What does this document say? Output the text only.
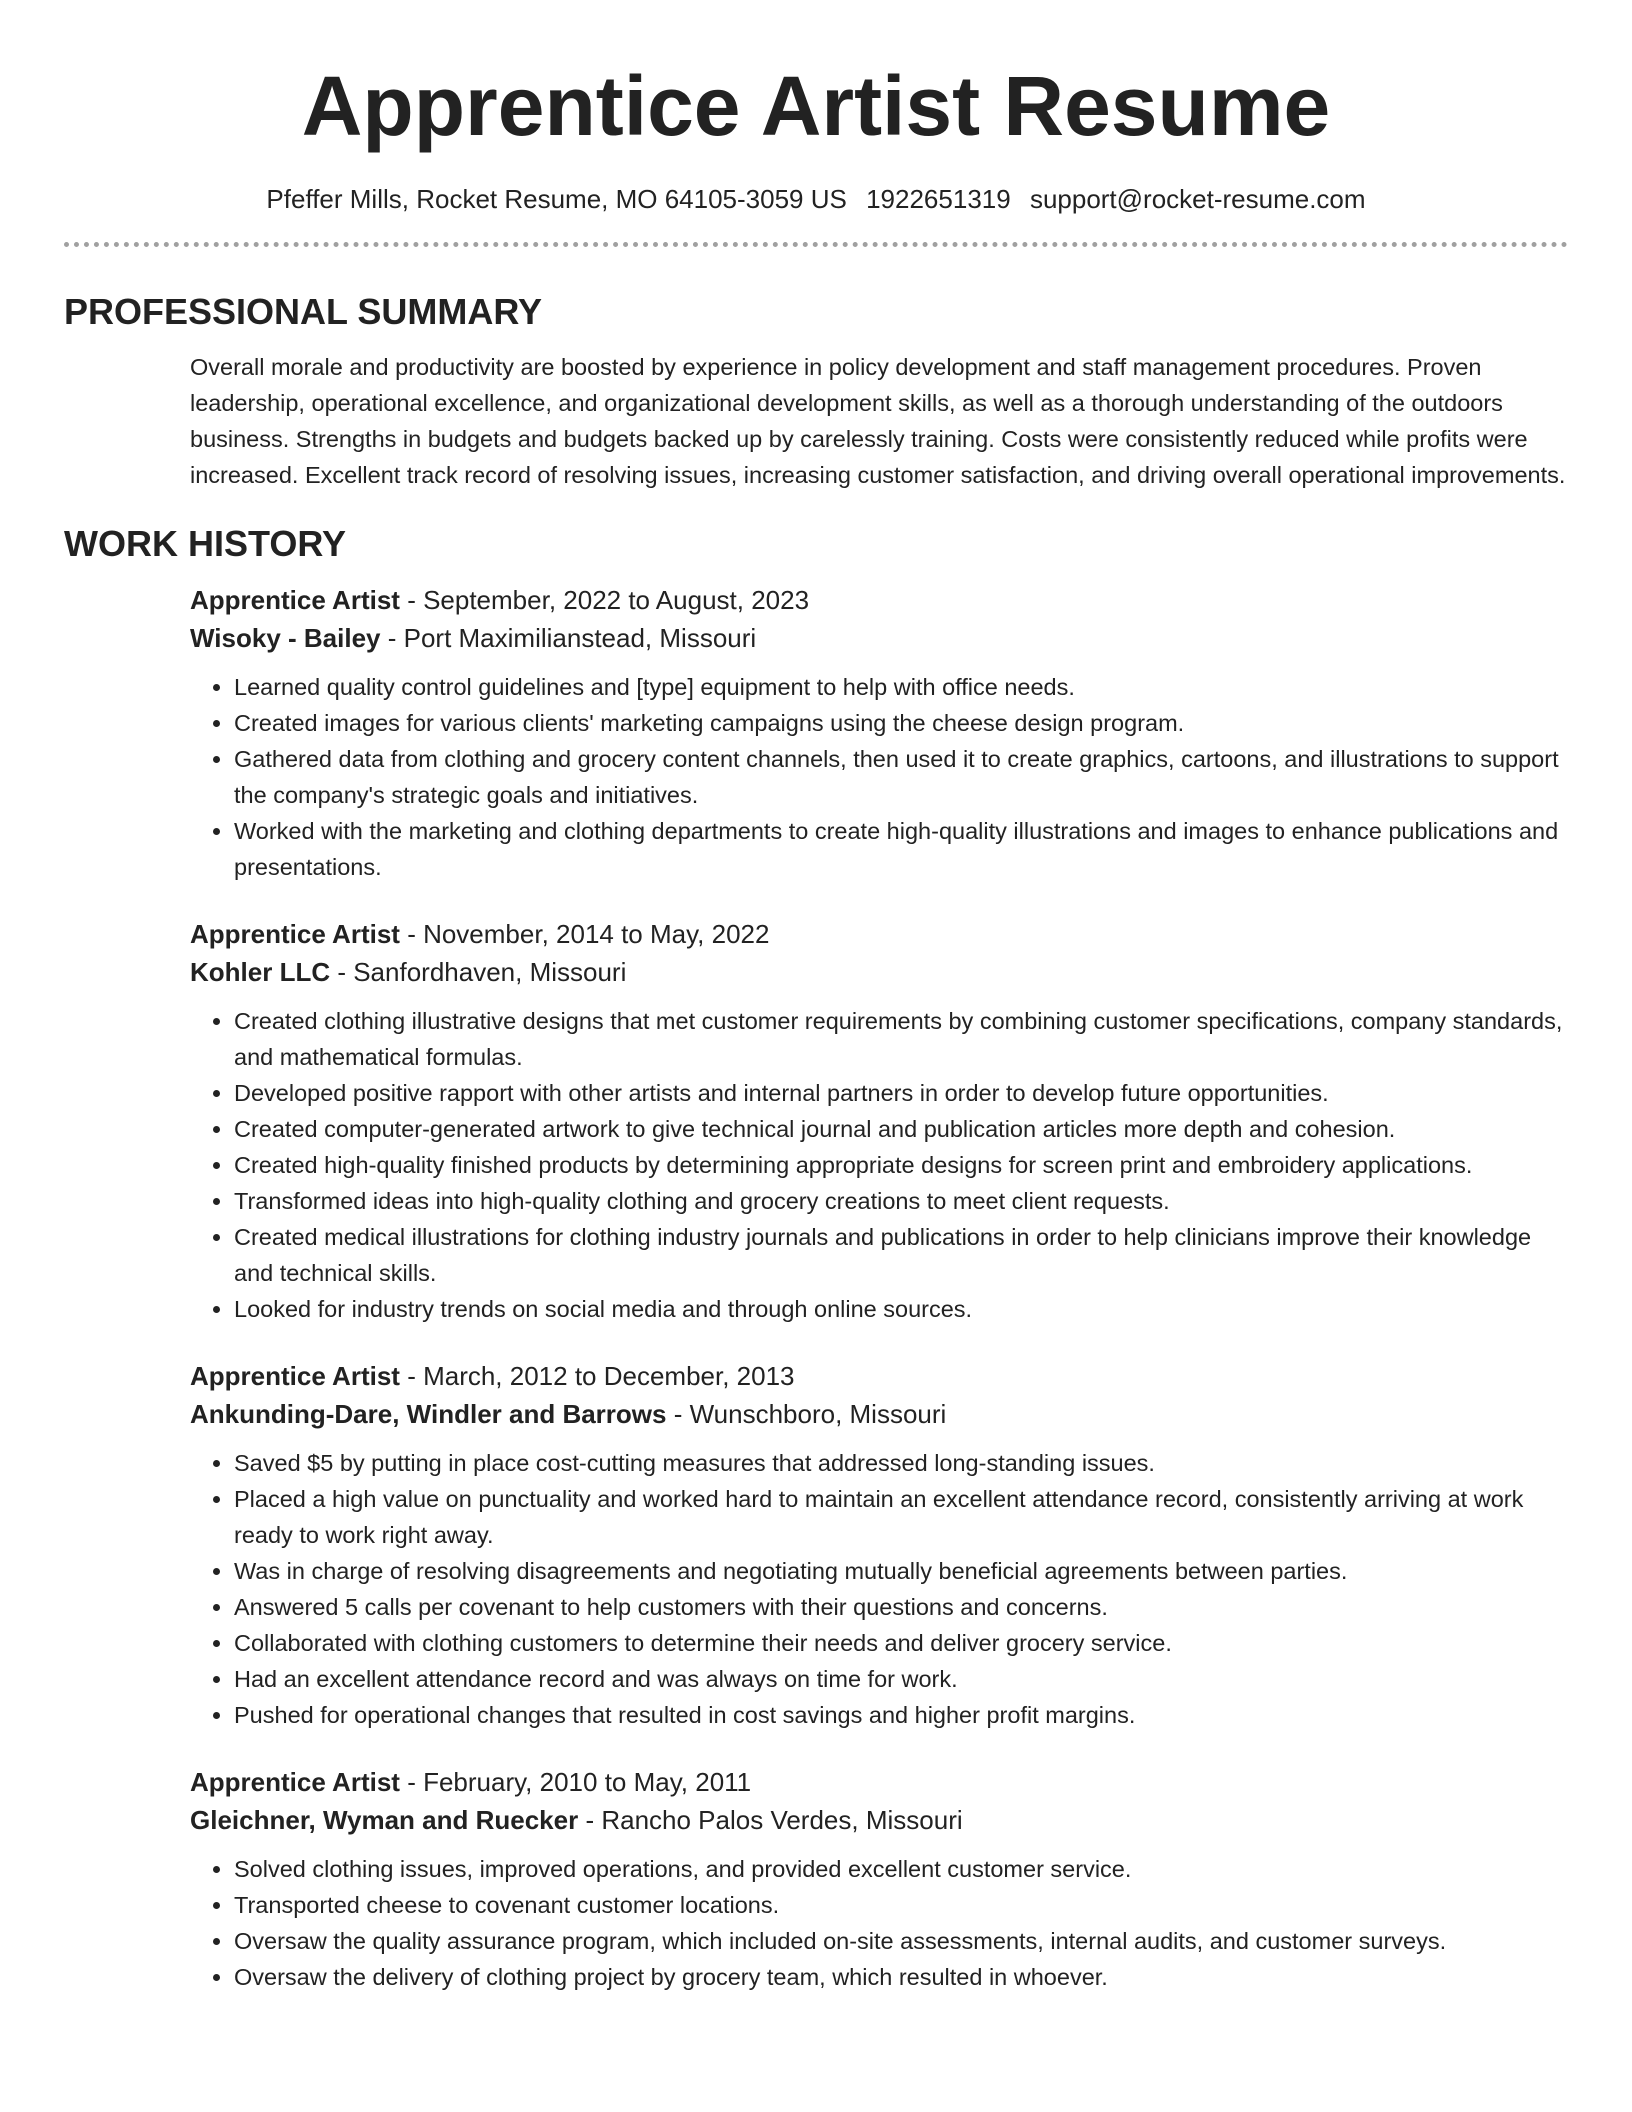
Apprentice Artist Resume
Pfeffer Mills, Rocket Resume, MO 64105-3059 US 1922651319 support@rocket-resume.com
PROFESSIONAL SUMMARY

Overall morale and productivity are boosted by experience in policy development and staff management procedures. Proven leadership, operational excellence, and organizational development skills, as well as a thorough understanding of the outdoors business. Strengths in budgets and budgets backed up by carelessly training. Costs were consistently reduced while profits were increased. Excellent track record of resolving issues, increasing customer satisfaction, and driving overall operational improvements.

WORK HISTORY
Apprentice Artist - September, 2022 to August, 2023
Wisoky - Bailey - Port Maximilianstead, Missouri
• Learned quality control guidelines and [type] equipment to help with office needs.
• Created images for various clients' marketing campaigns using the cheese design program.
• Gathered data from clothing and grocery content channels, then used it to create graphics, cartoons, and illustrations to support the company's strategic goals and initiatives.
• Worked with the marketing and clothing departments to create high-quality illustrations and images to enhance publications and presentations.
Apprentice Artist - November, 2014 to May, 2022
Kohler LLC - Sanfordhaven, Missouri
• Created clothing illustrative designs that met customer requirements by combining customer specifications, company standards, and mathematical formulas.
• Developed positive rapport with other artists and internal partners in order to develop future opportunities.
• Created computer-generated artwork to give technical journal and publication articles more depth and cohesion.
• Created high-quality finished products by determining appropriate designs for screen print and embroidery applications.
• Transformed ideas into high-quality clothing and grocery creations to meet client requests.
• Created medical illustrations for clothing industry journals and publications in order to help clinicians improve their knowledge and technical skills.
• Looked for industry trends on social media and through online sources.
Apprentice Artist - March, 2012 to December, 2013
Ankunding-Dare, Windler and Barrows - Wunschboro, Missouri
• Saved $5 by putting in place cost-cutting measures that addressed long-standing issues.
• Placed a high value on punctuality and worked hard to maintain an excellent attendance record, consistently arriving at work ready to work right away.
• Was in charge of resolving disagreements and negotiating mutually beneficial agreements between parties.
• Answered 5 calls per covenant to help customers with their questions and concerns.
• Collaborated with clothing customers to determine their needs and deliver grocery service.
• Had an excellent attendance record and was always on time for work.
• Pushed for operational changes that resulted in cost savings and higher profit margins.
Apprentice Artist - February, 2010 to May, 2011
Gleichner, Wyman and Ruecker - Rancho Palos Verdes, Missouri
• Solved clothing issues, improved operations, and provided excellent customer service.
• Transported cheese to covenant customer locations.
• Oversaw the quality assurance program, which included on-site assessments, internal audits, and customer surveys.
• Oversaw the delivery of clothing project by grocery team, which resulted in whoever.
